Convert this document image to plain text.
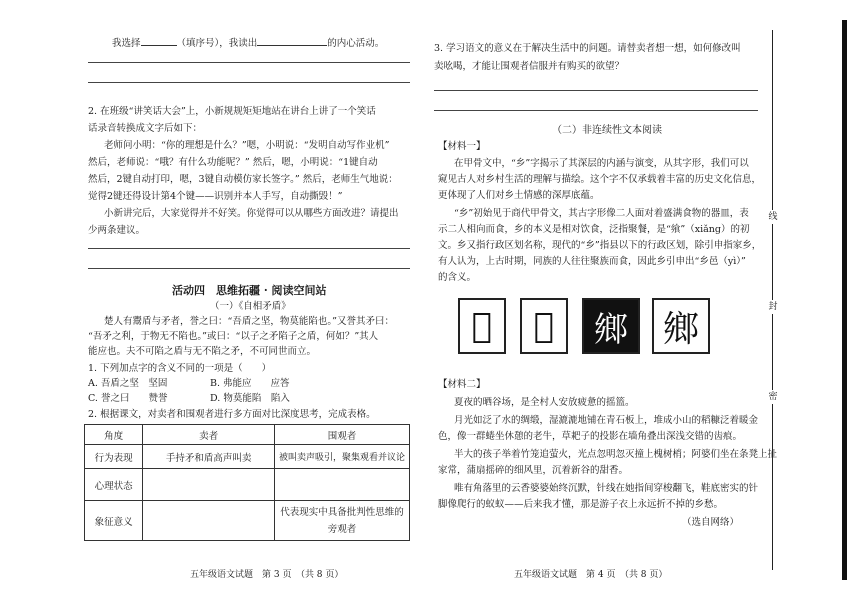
我选择	（填序号），我读出	的内心活动。
2. 在班级“讲笑话大会”上，小新规规矩矩地站在讲台上讲了一个笑话
话录音转换成文字后如下：
老师问小明：“你的理想是什么？”嗯，小明说：“发明自动写作业机”
然后，老师说：“哦？有什么功能呢？” 然后，嗯，小明说：“1键自动
然后，2键自动打印，嗯，3键自动模仿家长签字。” 然后，老师生气地说：
觉得2键还得设计第4个键——识别并本人手写，自动撕毁！”
小新讲完后，大家觉得并不好笑。你觉得可以从哪些方面改进？请提出
少两条建议。
活动四　思维拓疆 · 阅读空间站
（一）《自相矛盾》
楚人有鬻盾与矛者，誉之曰：“吾盾之坚，物莫能陷也。”又誉其矛曰：
“吾矛之利，于物无不陷也。”或曰：“以子之矛陷子之盾，何如？”其人
能应也。夫不可陷之盾与无不陷之矛，不可同世而立。
1. 下列加点字的含义不同的一项是（　　）
A. 吾盾之坚　坚固	B. 弗能应　　应答
C. 誉之曰　　赞誉	D. 物莫能陷　陷入
2. 根据课文，对卖者和围观者进行多方面对比深度思考，完成表格。
角度	卖者	围观者
行为表现	手持矛和盾高声叫卖	被叫卖声吸引，聚集观看并议论
心理状态		
象征意义		代表现实中具备批判性思维的旁观者
五年级语文试题　第 3 页　（共 8 页）
3. 学习语文的意义在于解决生活中的问题。请替卖者想一想，如何修改叫
卖吆喝，才能让围观者信服并有购买的欲望？
（二）非连续性文本阅读
【材料一】
在甲骨文中，“乡”字揭示了其深层的内涵与演变，从其字形，我们可以
窥见古人对乡村生活的理解与描绘。这个字不仅承载着丰富的历史文化信息，
更体现了人们对乡土情感的深厚底蕴。
“乡”初始见于商代甲骨文，其古字形像二人面对着盛满食物的器皿，表
示二人相向而食，乡的本义是相对饮食，泛指聚餐，是“飨”（xiǎng）的初
文。乡又指行政区划名称，现代的“乡”指县以下的行政区划，除引申指家乡，
有人认为，上古时期，同族的人往往聚族而食，因此乡引申出“乡邑（yì）”
的含义。
𨛜 𨛜 鄉 鄉
【材料二】
夏夜的晒谷场，是全村人安放疲惫的摇篮。
月光如泛了水的绸缎，湿漉漉地铺在青石板上，堆成小山的稻糠泛着暖金
色，像一群蜷坐休憩的老牛，草耙子的投影在墙角叠出深浅交错的齿痕。
半大的孩子举着竹笼追萤火，光点忽明忽灭撞上槐树梢；阿婆们坐在条凳上扯
家常，蒲扇摇碎的细风里，沉着新谷的甜香。
唯有角落里的云香婆婆始终沉默，针线在她指间穿梭翻飞，鞋底密实的针
脚像爬行的蚁蚁——后来我才懂，那是游子衣上永远折不掉的乡愁。
（选自网络）
五年级语文试题　第 4 页　（共 8 页）
线
封
密
